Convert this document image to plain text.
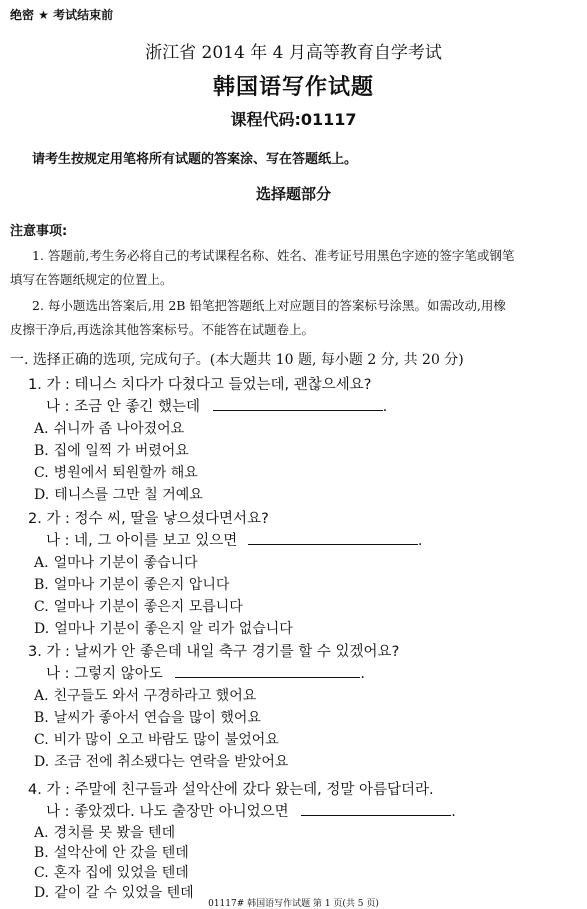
绝密 ★ 考试结束前
浙江省 2014 年 4 月高等教育自学考试
韩国语写作试题
课程代码:01117
请考生按规定用笔将所有试题的答案涂、写在答题纸上。
选择题部分
注意事项:
1. 答题前,考生务必将自己的考试课程名称、姓名、准考证号用黑色字迹的签字笔或钢笔
填写在答题纸规定的位置上。
2. 每小题选出答案后,用 2B 铅笔把答题纸上对应题目的答案标号涂黑。如需改动,用橡
皮擦干净后,再选涂其他答案标号。不能答在试题卷上。
一. 选择正确的选项, 完成句子。(本大题共 10 题, 每小题 2 分, 共 20 分)
1. 가 : 테니스 치다가 다쳤다고 들었는데, 괜찮으세요?
나 : 조금 안 좋긴 했는데	.
A. 쉬니까 좀 나아졌어요
B. 집에 일찍 가 버렸어요
C. 병원에서 퇴원할까 해요
D. 테니스를 그만 칠 거예요
2. 가 : 정수 씨, 딸을 낳으셨다면서요?
나 : 네, 그 아이를 보고 있으면	.
A. 얼마나 기분이 좋습니다
B. 얼마나 기분이 좋은지 압니다
C. 얼마나 기분이 좋은지 모릅니다
D. 얼마나 기분이 좋은지 알 리가 없습니다
3. 가 : 날씨가 안 좋은데 내일 축구 경기를 할 수 있겠어요?
나 : 그렇지 않아도	.
A. 친구들도 와서 구경하라고 했어요
B. 날씨가 좋아서 연습을 많이 했어요
C. 비가 많이 오고 바람도 많이 불었어요
D. 조금 전에 취소됐다는 연락을 받았어요
4. 가 : 주말에 친구들과 설악산에 갔다 왔는데, 정말 아름답더라.
나 : 좋았겠다. 나도 출장만 아니었으면	.
A. 경치를 못 봤을 텐데
B. 설악산에 안 갔을 텐데
C. 혼자 집에 있었을 텐데
D. 같이 갈 수 있었을 텐데
01117# 韩国语写作试题 第 1 页(共 5 页)
